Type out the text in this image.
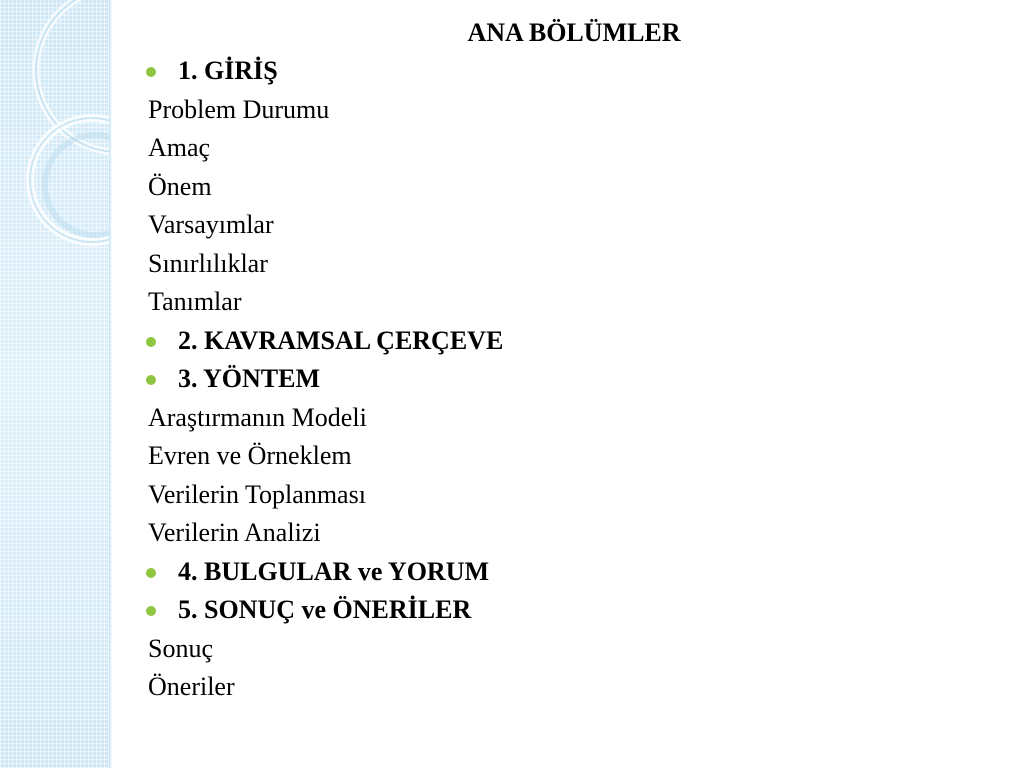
ANA BÖLÜMLER
1. GİRİŞ
Problem Durumu
Amaç
Önem
Varsayımlar
Sınırlılıklar
Tanımlar
2. KAVRAMSAL ÇERÇEVE
3. YÖNTEM
Araştırmanın Modeli
Evren ve Örneklem
Verilerin Toplanması
Verilerin Analizi
4. BULGULAR ve YORUM
5. SONUÇ ve ÖNERİLER
Sonuç
Öneriler
